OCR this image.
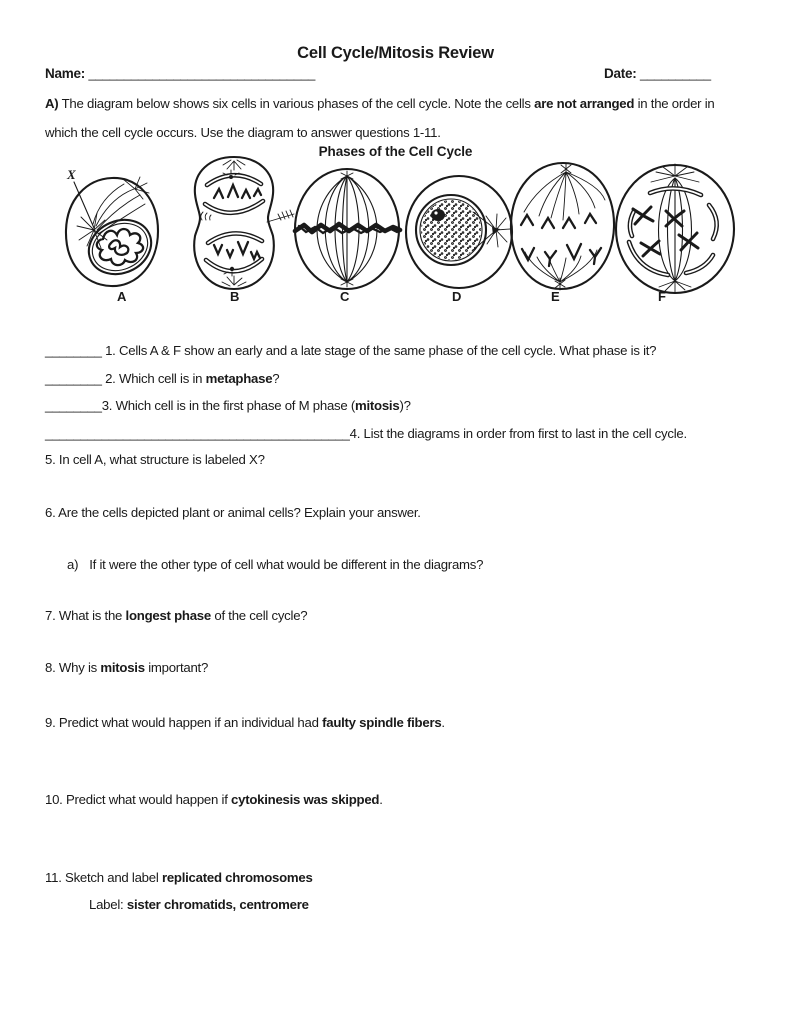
Cell Cycle/Mitosis Review
Name: ________________________________	Date: __________
A) The diagram below shows six cells in various phases of the cell cycle. Note the cells are not arranged in the order in which the cell cycle occurs. Use the diagram to answer questions 1-11.
Phases of the Cell Cycle
X
A	B	C	D	E	F
________ 1. Cells A & F show an early and a late stage of the same phase of the cell cycle. What phase is it?
________ 2. Which cell is in metaphase?
________3. Which cell is in the first phase of M phase (mitosis)?
___________________________________________4. List the diagrams in order from first to last in the cell cycle.
5. In cell A, what structure is labeled X?
6. Are the cells depicted plant or animal cells? Explain your answer.
a) If it were the other type of cell what would be different in the diagrams?
7. What is the longest phase of the cell cycle?
8. Why is mitosis important?
9. Predict what would happen if an individual had faulty spindle fibers.
10. Predict what would happen if cytokinesis was skipped.
11. Sketch and label replicated chromosomes
Label: sister chromatids, centromere
